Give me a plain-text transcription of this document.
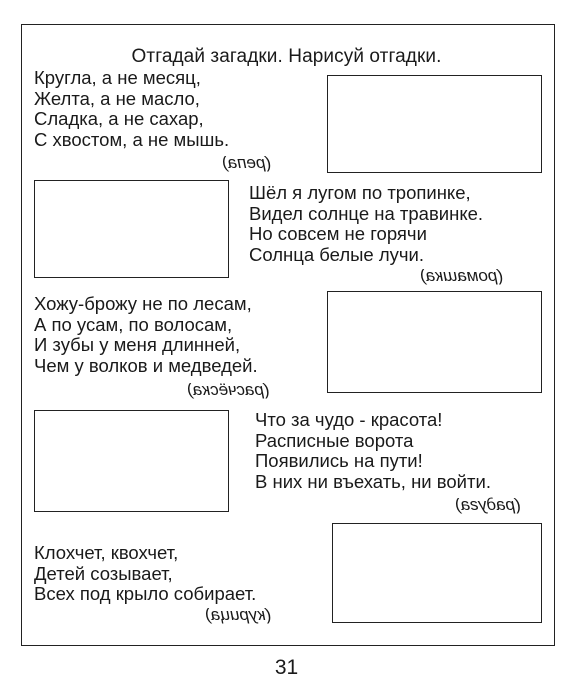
Отгадай загадки. Нарисуй отгадки.
Кругла, а не месяц,
Желта, а не масло,
Сладка, а не сахар,
С хвостом, а не мышь.
(репа)
Шёл я лугом по тропинке,
Видел солнце на травинке.
Но совсем не горячи
Солнца белые лучи.
(ромашка)
Хожу-брожу не по лесам,
А по усам, по волосам,
И зубы у меня длинней,
Чем у волков и медведей.
(расчёска)
Что за чудо - красота!
Расписные ворота
Появились на пути!
В них ни въехать, ни войти.
(радуга)
Клохчет, квохчет,
Детей созывает,
Всех под крыло собирает.
(курица)
31
